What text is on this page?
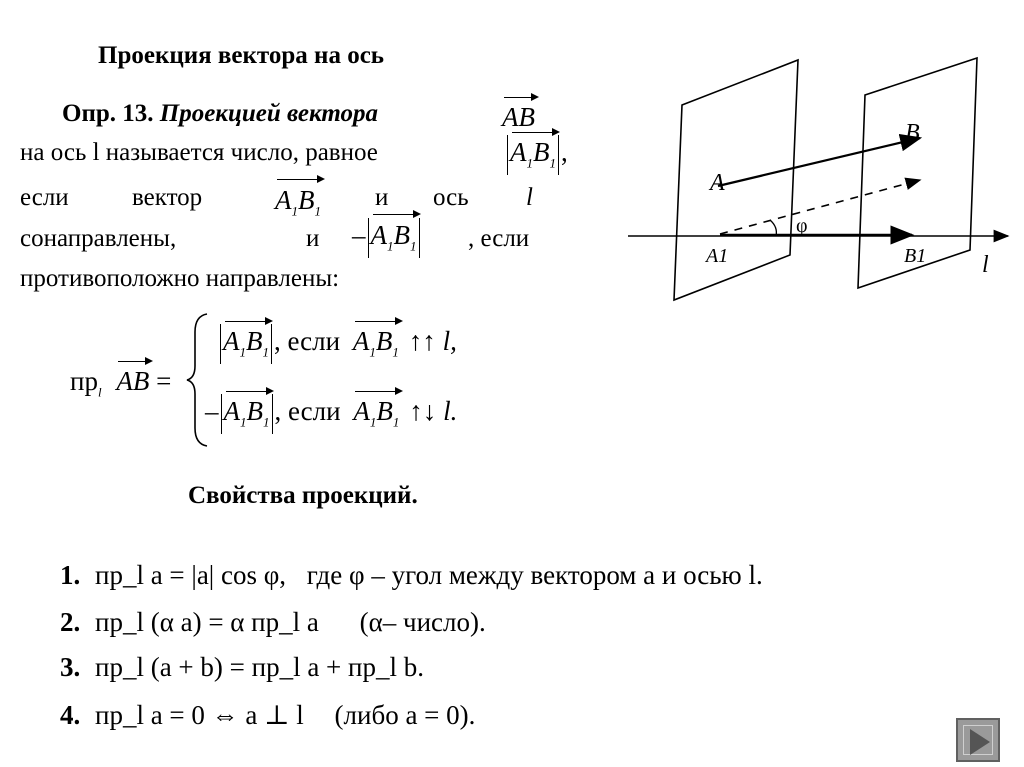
Проекция вектора на ось
Опр. 13. Проекцией вектора	AB
на ось l называется число, равное	$A_1B_1$ ,
если	вектор	$A_1B_1$ и ось l
сонаправлены,	и – $A_1B_1$ , если
противоположно направлены:
$пр_l$ AB =
$A_1B_1$ , если $A_1B_1$ ↑↑ l,
– $A_1B_1$ , если $A_1B_1$ ↑↓ l.
Свойства проекций.
1. пр_l a = |a| cos φ, где φ – угол между вектором a и осью l.
2. пр_l (α a) = α пр_l a (α– число).
3. пр_l (a + b) = пр_l a + пр_l b.
4. пр_l a = 0 ⇔ a ⊥ l (либо a = 0).
A
B
A1	B1
φ
l
